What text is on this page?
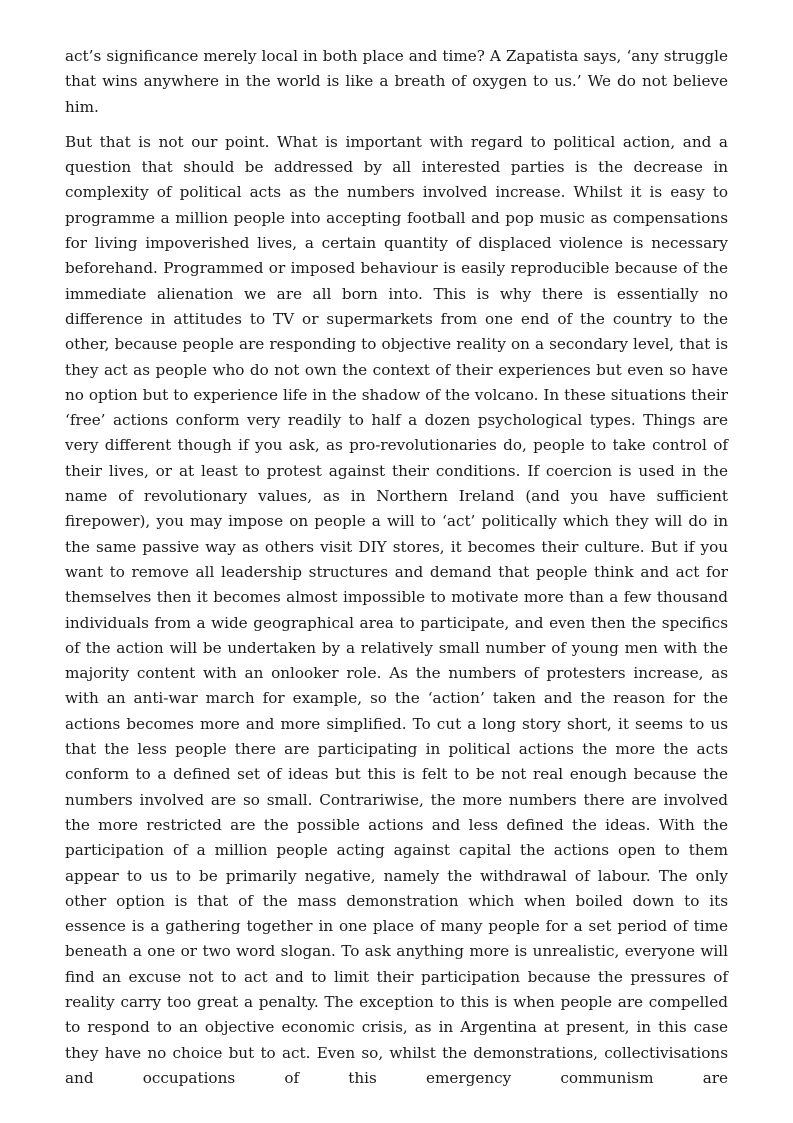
act’s significance merely local in both place and time? A Zapatista says, ‘any struggle that wins anywhere in the world is like a breath of oxygen to us.’ We do not believe him.

But that is not our point. What is important with regard to political action, and a question that should be addressed by all interested parties is the decrease in complexity of political acts as the numbers involved increase. Whilst it is easy to programme a million people into accepting football and pop music as compensations for living impoverished lives, a certain quantity of displaced violence is necessary beforehand. Programmed or imposed behaviour is easily reproducible because of the immediate alienation we are all born into. This is why there is essentially no difference in attitudes to TV or supermarkets from one end of the country to the other, because people are responding to objective reality on a secondary level, that is they act as people who do not own the context of their experiences but even so have no option but to experience life in the shadow of the volcano. In these situations their ‘free’ actions conform very readily to half a dozen psychological types. Things are very different though if you ask, as pro-revolutionaries do, people to take control of their lives, or at least to protest against their conditions. If coercion is used in the name of revolutionary values, as in Northern Ireland (and you have sufficient firepower), you may impose on people a will to ‘act’ politically which they will do in the same passive way as others visit DIY stores, it becomes their culture. But if you want to remove all leadership structures and demand that people think and act for themselves then it becomes almost impossible to motivate more than a few thousand individuals from a wide geographical area to participate, and even then the specifics of the action will be undertaken by a relatively small number of young men with the majority content with an onlooker role. As the numbers of protesters increase, as with an anti-war march for example, so the ‘action’ taken and the reason for the actions becomes more and more simplified. To cut a long story short, it seems to us that the less people there are participating in political actions the more the acts conform to a defined set of ideas but this is felt to be not real enough because the numbers involved are so small. Contrariwise, the more numbers there are involved the more restricted are the possible actions and less defined the ideas. With the participation of a million people acting against capital the actions open to them appear to us to be primarily negative, namely the withdrawal of labour. The only other option is that of the mass demonstration which when boiled down to its essence is a gathering together in one place of many people for a set period of time beneath a one or two word slogan. To ask anything more is unrealistic, everyone will find an excuse not to act and to limit their participation because the pressures of reality carry too great a penalty. The exception to this is when people are compelled to respond to an objective economic crisis, as in Argentina at present, in this case they have no choice but to act. Even so, whilst the demonstrations, collectivisations and occupations of this emergency communism are
